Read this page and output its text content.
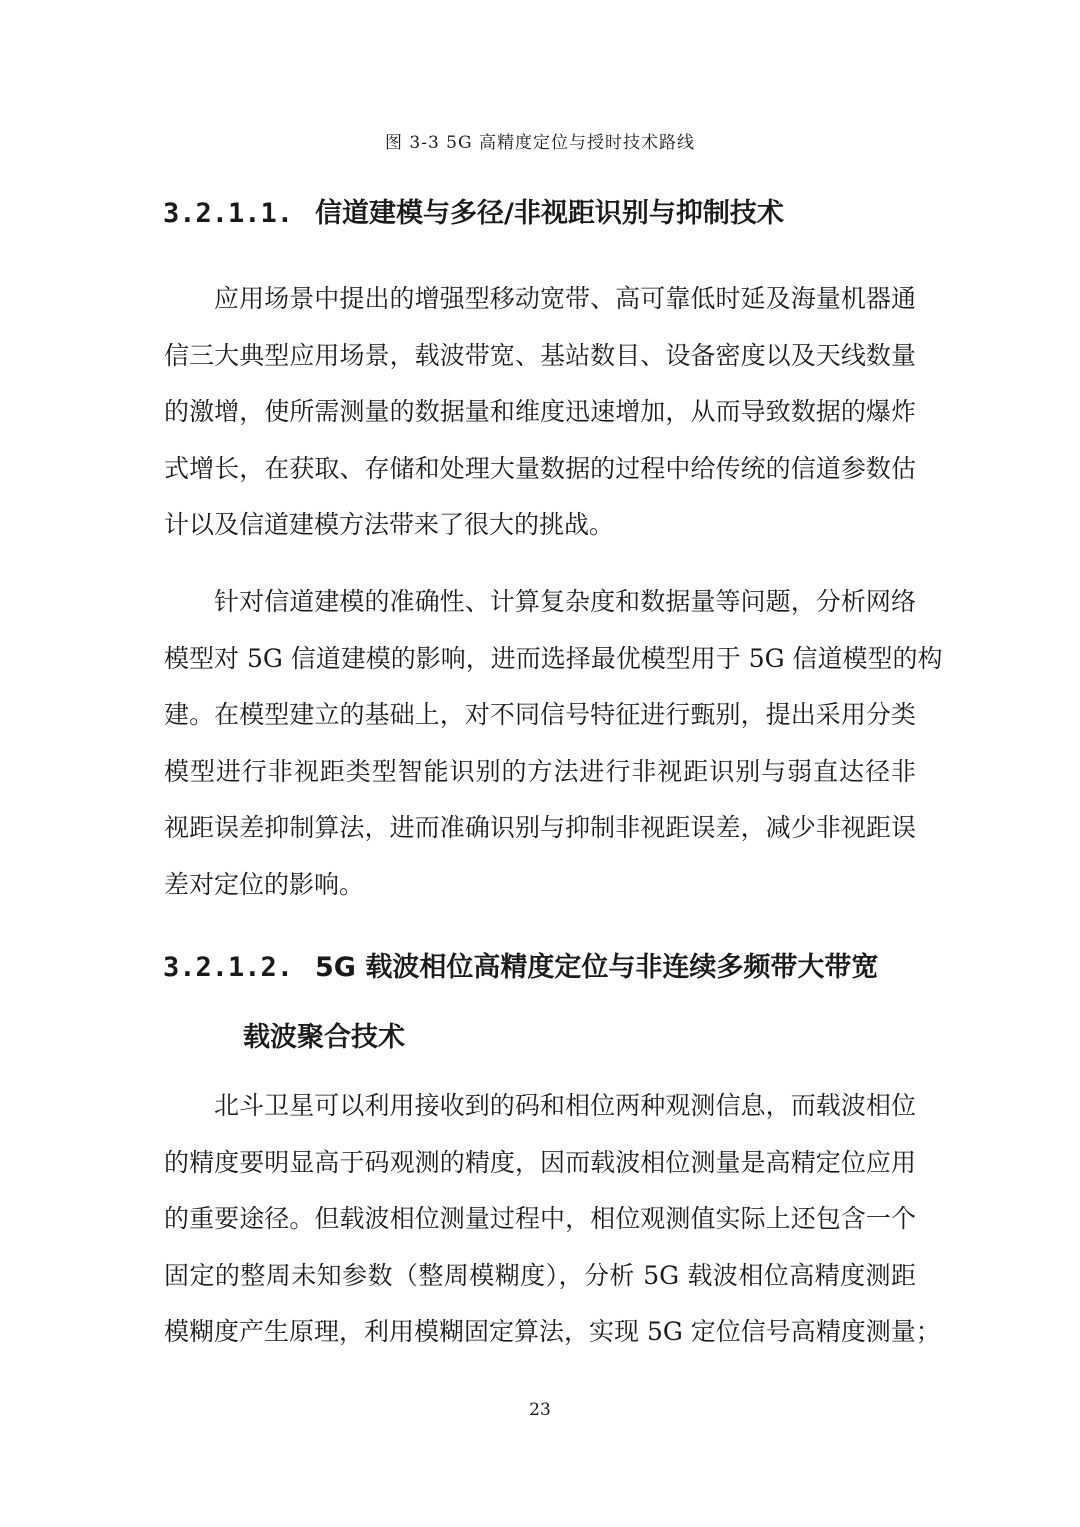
图 3-3 5G 高精度定位与授时技术路线
3.2.1.1. 信道建模与多径/非视距识别与抑制技术
应用场景中提出的增强型移动宽带、高可靠低时延及海量机器通
信三大典型应用场景，载波带宽、基站数目、设备密度以及天线数量
的激增，使所需测量的数据量和维度迅速增加，从而导致数据的爆炸
式增长，在获取、存储和处理大量数据的过程中给传统的信道参数估
计以及信道建模方法带来了很大的挑战。
针对信道建模的准确性、计算复杂度和数据量等问题，分析网络
模型对 5G 信道建模的影响，进而选择最优模型用于 5G 信道模型的构
建。在模型建立的基础上，对不同信号特征进行甄别，提出采用分类
模型进行非视距类型智能识别的方法进行非视距识别与弱直达径非
视距误差抑制算法，进而准确识别与抑制非视距误差，减少非视距误
差对定位的影响。
3.2.1.2. 5G 载波相位高精度定位与非连续多频带大带宽
载波聚合技术
北斗卫星可以利用接收到的码和相位两种观测信息，而载波相位
的精度要明显高于码观测的精度，因而载波相位测量是高精定位应用
的重要途径。但载波相位测量过程中，相位观测值实际上还包含一个
固定的整周未知参数（整周模糊度），分析 5G 载波相位高精度测距
模糊度产生原理，利用模糊固定算法，实现 5G 定位信号高精度测量；
23
